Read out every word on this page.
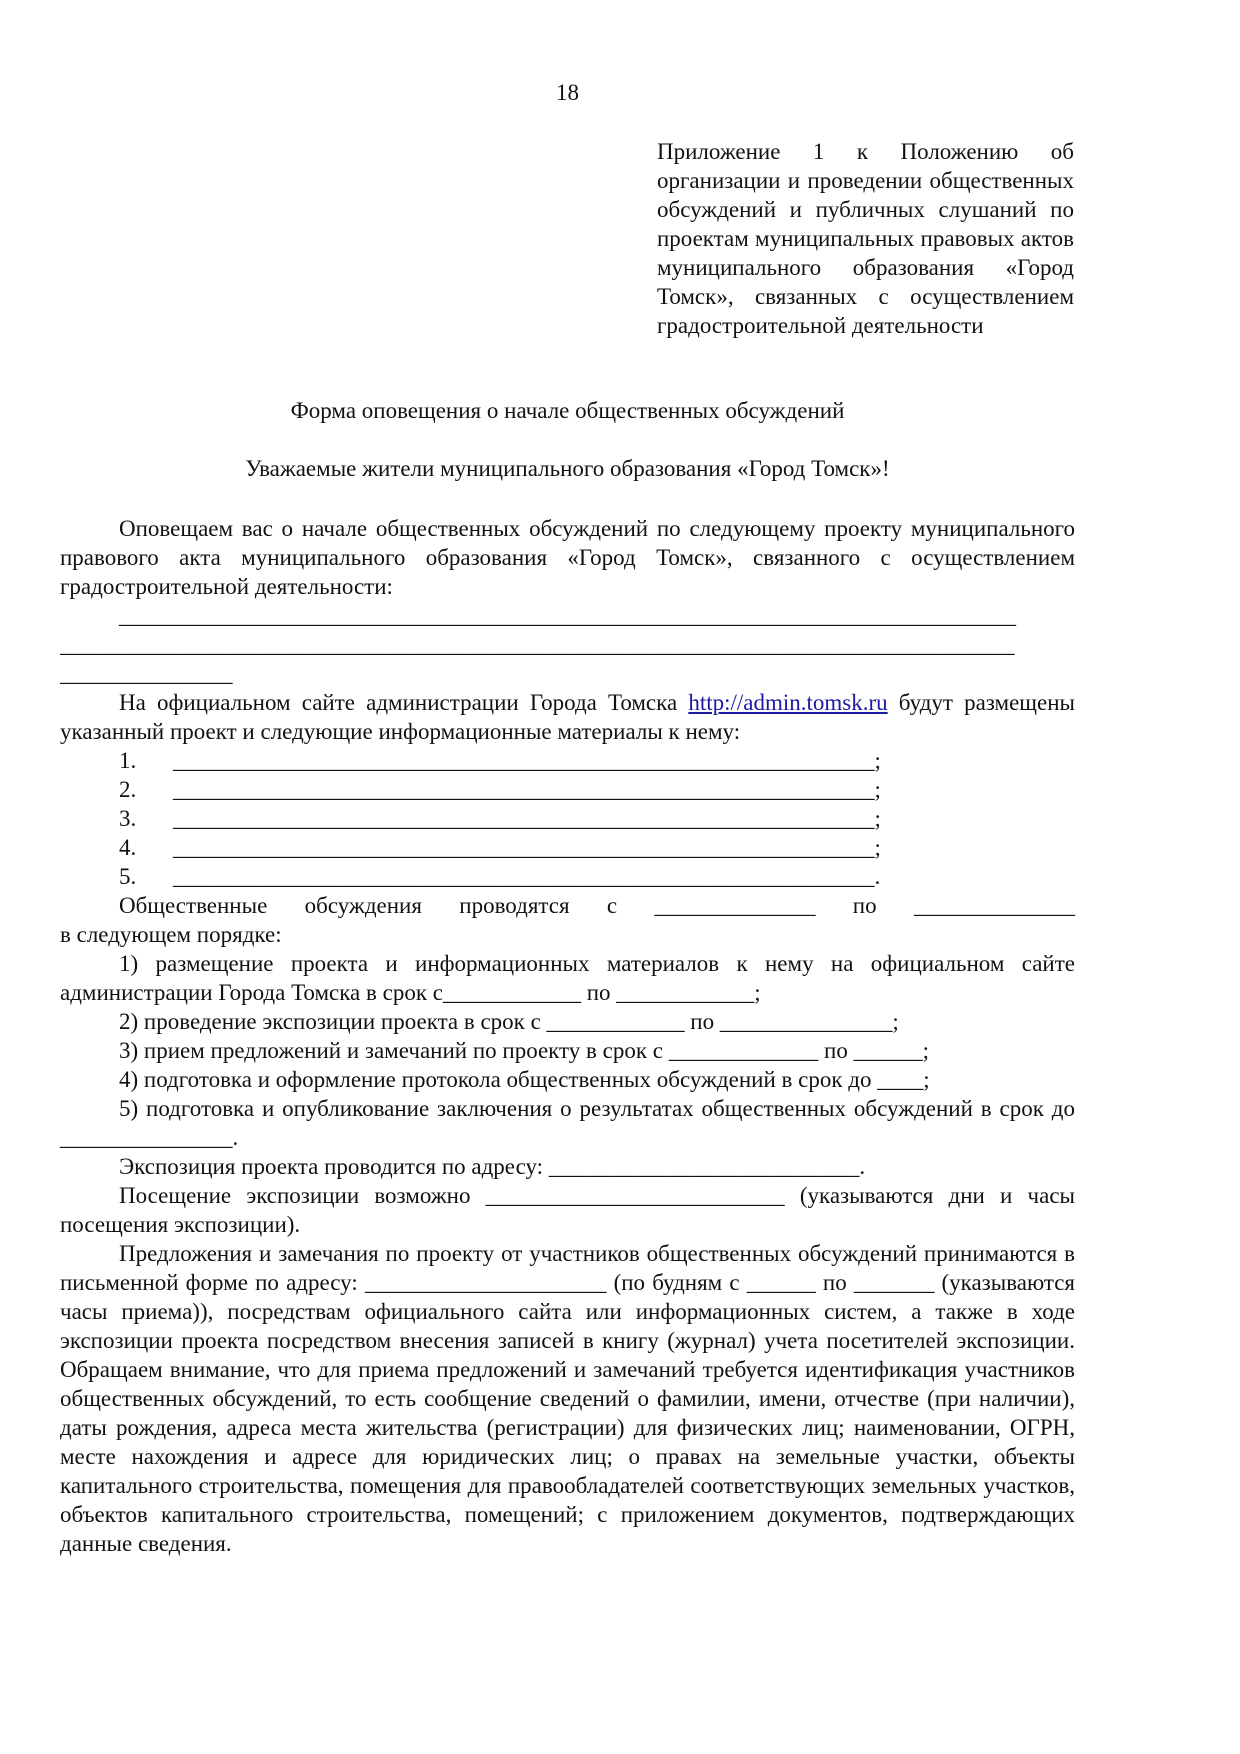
18
Приложение 1 к Положению об организации и проведении общественных обсуждений и публичных слушаний по проектам муниципальных правовых актов муниципального образования «Город Томск», связанных с осуществлением градостроительной деятельности
Форма оповещения о начале общественных обсуждений
Уважаемые жители муниципального образования «Город Томск»!

Оповещаем вас о начале общественных обсуждений по следующему проекту муниципального правового акта муниципального образования «Город Томск», связанного с осуществлением градостроительной деятельности:

______________________________________________________________________________
___________________________________________________________________________________
_______________

На официальном сайте администрации Города Томска http://admin.tomsk.ru будут размещены указанный проект и следующие информационные материалы к нему:

1.	_____________________________________________________________;
2.	_____________________________________________________________;
3.	_____________________________________________________________;
4.	_____________________________________________________________;
5.	_____________________________________________________________.
Общественные обсуждения проводятся с ______________ по ______________

в следующем порядке:

1) размещение проекта и информационных материалов к нему на официальном сайте администрации Города Томска в срок с____________ по ____________;

2) проведение экспозиции проекта в срок с ____________ по _______________;

3) прием предложений и замечаний по проекту в срок с _____________ по ______;

4) подготовка и оформление протокола общественных обсуждений в срок до ____;

5) подготовка и опубликование заключения о результатах общественных обсуждений в срок до _______________.

Экспозиция проекта проводится по адресу: ___________________________.

Посещение экспозиции возможно __________________________ (указываются дни и часы посещения экспозиции).

Предложения и замечания по проекту от участников общественных обсуждений принимаются в письменной форме по адресу: _____________________ (по будням с ______ по _______ (указываются часы приема)), посредствам официального сайта или информационных систем, а также в ходе экспозиции проекта посредством внесения записей в книгу (журнал) учета посетителей экспозиции. Обращаем внимание, что для приема предложений и замечаний требуется идентификация участников общественных обсуждений, то есть сообщение сведений о фамилии, имени, отчестве (при наличии), даты рождения, адреса места жительства (регистрации) для физических лиц; наименовании, ОГРН, месте нахождения и адресе для юридических лиц; о правах на земельные участки, объекты капитального строительства, помещения для правообладателей соответствующих земельных участков, объектов капитального строительства, помещений; с приложением документов, подтверждающих данные сведения.
